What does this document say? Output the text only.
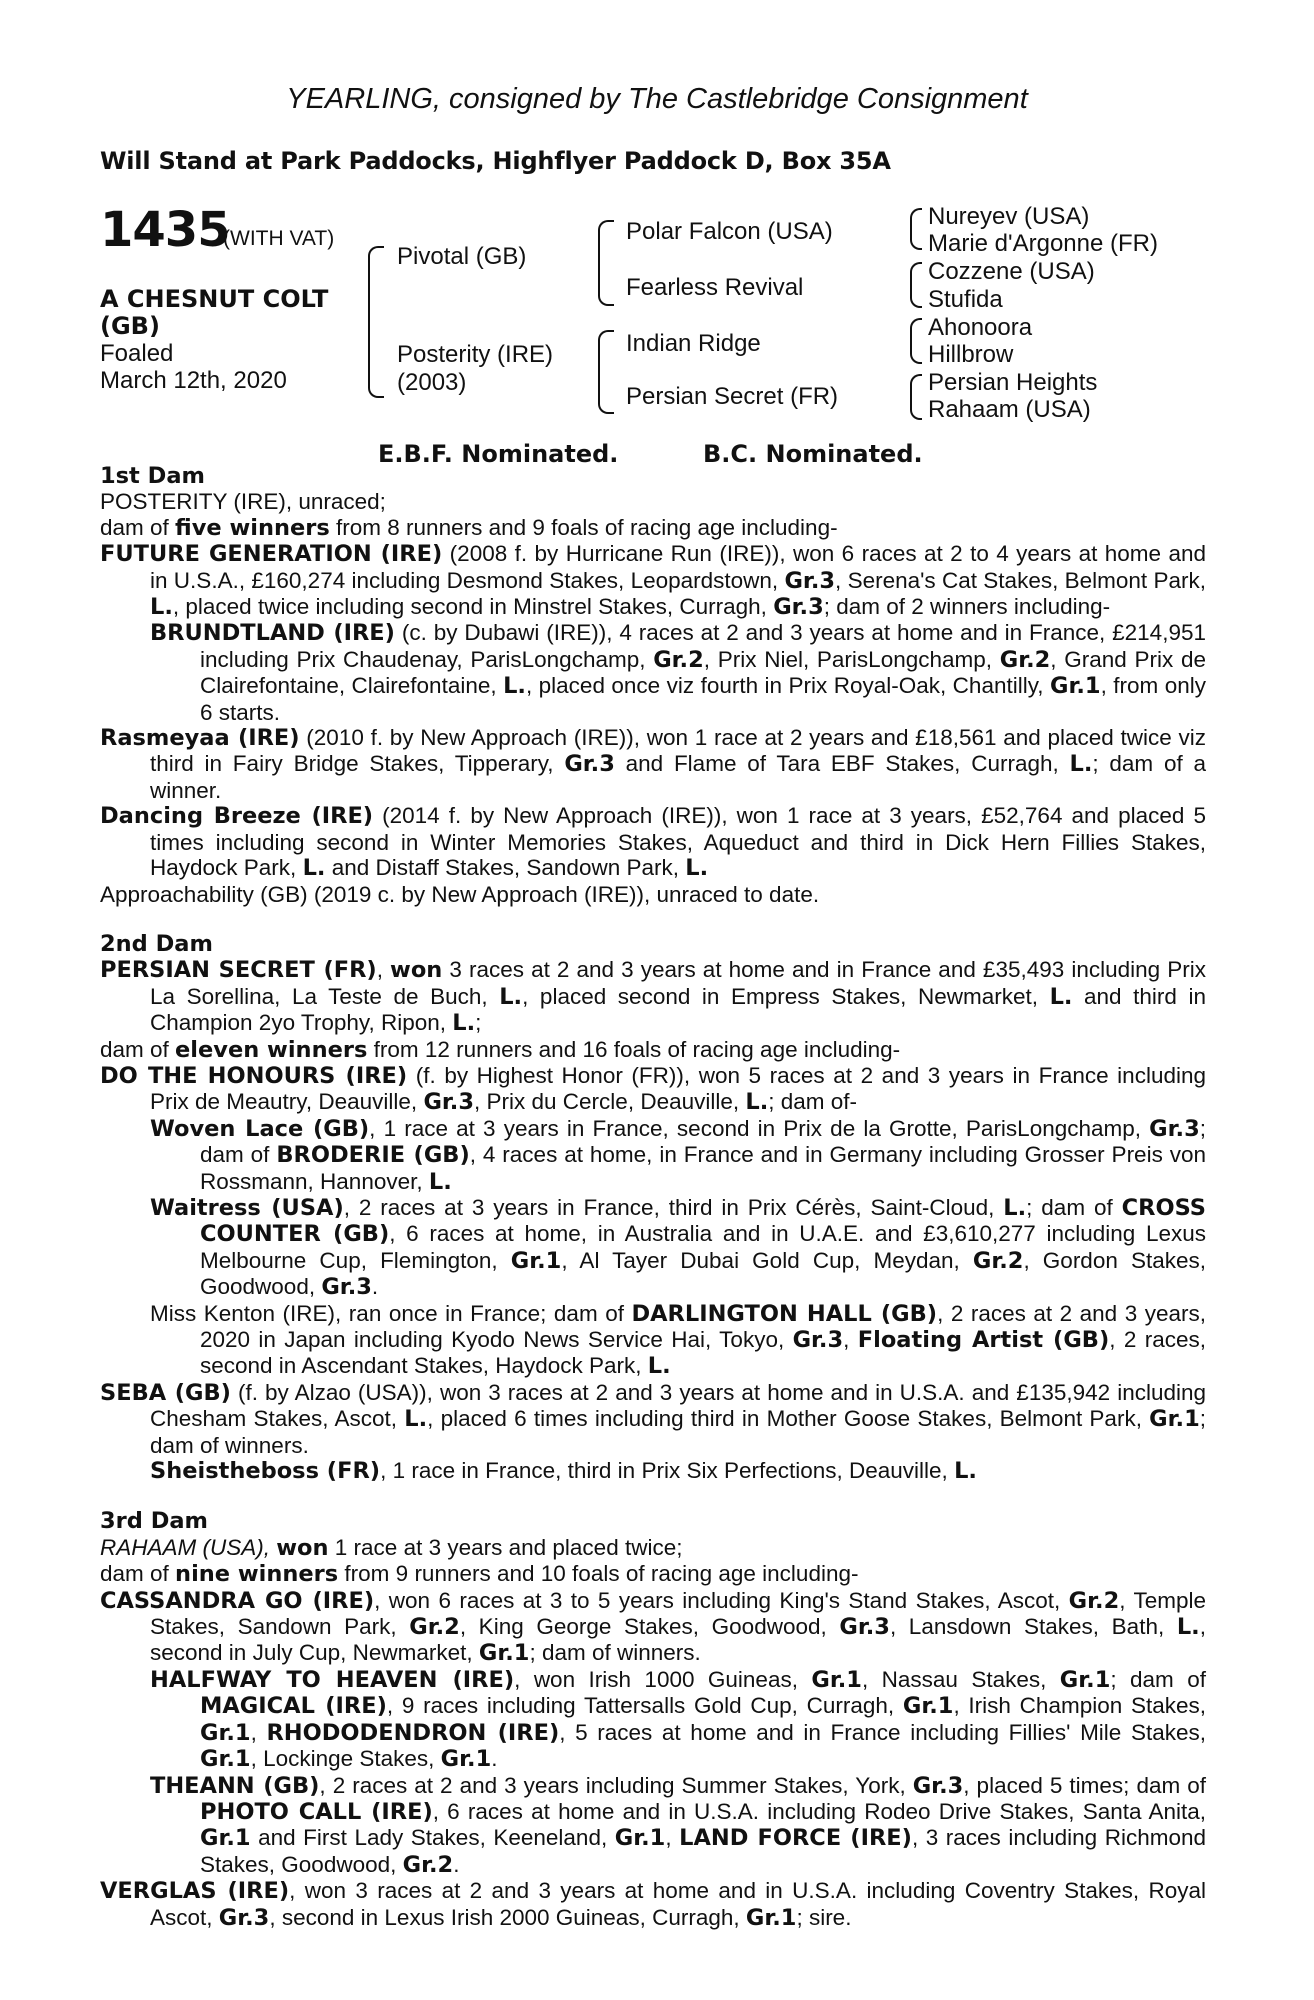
YEARLING, consigned by The Castlebridge Consignment
Will Stand at Park Paddocks, Highflyer Paddock D, Box 35A
1435
(WITH VAT)
A CHESNUT COLT
(GB)
Foaled
March 12th, 2020
Pivotal (GB)
Posterity (IRE)
(2003)
Polar Falcon (USA)
Fearless Revival
Indian Ridge
Persian Secret (FR)
Nureyev (USA)
Marie d'Argonne (FR)
Cozzene (USA)
Stufida
Ahonoora
Hillbrow
Persian Heights
Rahaam (USA)
E.B.F. Nominated.	B.C. Nominated.
1st Dam

POSTERITY (IRE), unraced;

dam of five winners from 8 runners and 9 foals of racing age including-

FUTURE GENERATION (IRE) (2008 f. by Hurricane Run (IRE)), won 6 races at 2 to 4 years at home and in U.S.A., £160,274 including Desmond Stakes, Leopardstown, Gr.3, Serena's Cat Stakes, Belmont Park, L., placed twice including second in Minstrel Stakes, Curragh, Gr.3; dam of 2 winners including-

BRUNDTLAND (IRE) (c. by Dubawi (IRE)), 4 races at 2 and 3 years at home and in France, £214,951 including Prix Chaudenay, ParisLongchamp, Gr.2, Prix Niel, ParisLongchamp, Gr.2, Grand Prix de Clairefontaine, Clairefontaine, L., placed once viz fourth in Prix Royal-Oak, Chantilly, Gr.1, from only 6 starts.

Rasmeyaa (IRE) (2010 f. by New Approach (IRE)), won 1 race at 2 years and £18,561 and placed twice viz third in Fairy Bridge Stakes, Tipperary, Gr.3 and Flame of Tara EBF Stakes, Curragh, L.; dam of a winner.

Dancing Breeze (IRE) (2014 f. by New Approach (IRE)), won 1 race at 3 years, £52,764 and placed 5 times including second in Winter Memories Stakes, Aqueduct and third in Dick Hern Fillies Stakes, Haydock Park, L. and Distaff Stakes, Sandown Park, L.

Approachability (GB) (2019 c. by New Approach (IRE)), unraced to date.

2nd Dam

PERSIAN SECRET (FR), won 3 races at 2 and 3 years at home and in France and £35,493 including Prix La Sorellina, La Teste de Buch, L., placed second in Empress Stakes, Newmarket, L. and third in Champion 2yo Trophy, Ripon, L.;

dam of eleven winners from 12 runners and 16 foals of racing age including-

DO THE HONOURS (IRE) (f. by Highest Honor (FR)), won 5 races at 2 and 3 years in France including Prix de Meautry, Deauville, Gr.3, Prix du Cercle, Deauville, L.; dam of-

Woven Lace (GB), 1 race at 3 years in France, second in Prix de la Grotte, ParisLongchamp, Gr.3; dam of BRODERIE (GB), 4 races at home, in France and in Germany including Grosser Preis von Rossmann, Hannover, L.

Waitress (USA), 2 races at 3 years in France, third in Prix Cérès, Saint-Cloud, L.; dam of CROSS COUNTER (GB), 6 races at home, in Australia and in U.A.E. and £3,610,277 including Lexus Melbourne Cup, Flemington, Gr.1, Al Tayer Dubai Gold Cup, Meydan, Gr.2, Gordon Stakes, Goodwood, Gr.3.

Miss Kenton (IRE), ran once in France; dam of DARLINGTON HALL (GB), 2 races at 2 and 3 years, 2020 in Japan including Kyodo News Service Hai, Tokyo, Gr.3, Floating Artist (GB), 2 races, second in Ascendant Stakes, Haydock Park, L.

SEBA (GB) (f. by Alzao (USA)), won 3 races at 2 and 3 years at home and in U.S.A. and £135,942 including Chesham Stakes, Ascot, L., placed 6 times including third in Mother Goose Stakes, Belmont Park, Gr.1; dam of winners.

Sheistheboss (FR), 1 race in France, third in Prix Six Perfections, Deauville, L.

3rd Dam

RAHAAM (USA), won 1 race at 3 years and placed twice;

dam of nine winners from 9 runners and 10 foals of racing age including-

CASSANDRA GO (IRE), won 6 races at 3 to 5 years including King's Stand Stakes, Ascot, Gr.2, Temple Stakes, Sandown Park, Gr.2, King George Stakes, Goodwood, Gr.3, Lansdown Stakes, Bath, L., second in July Cup, Newmarket, Gr.1; dam of winners.

HALFWAY TO HEAVEN (IRE), won Irish 1000 Guineas, Gr.1, Nassau Stakes, Gr.1; dam of MAGICAL (IRE), 9 races including Tattersalls Gold Cup, Curragh, Gr.1, Irish Champion Stakes, Gr.1, RHODODENDRON (IRE), 5 races at home and in France including Fillies' Mile Stakes, Gr.1, Lockinge Stakes, Gr.1.

THEANN (GB), 2 races at 2 and 3 years including Summer Stakes, York, Gr.3, placed 5 times; dam of PHOTO CALL (IRE), 6 races at home and in U.S.A. including Rodeo Drive Stakes, Santa Anita, Gr.1 and First Lady Stakes, Keeneland, Gr.1, LAND FORCE (IRE), 3 races including Richmond Stakes, Goodwood, Gr.2.

VERGLAS (IRE), won 3 races at 2 and 3 years at home and in U.S.A. including Coventry Stakes, Royal Ascot, Gr.3, second in Lexus Irish 2000 Guineas, Curragh, Gr.1; sire.
